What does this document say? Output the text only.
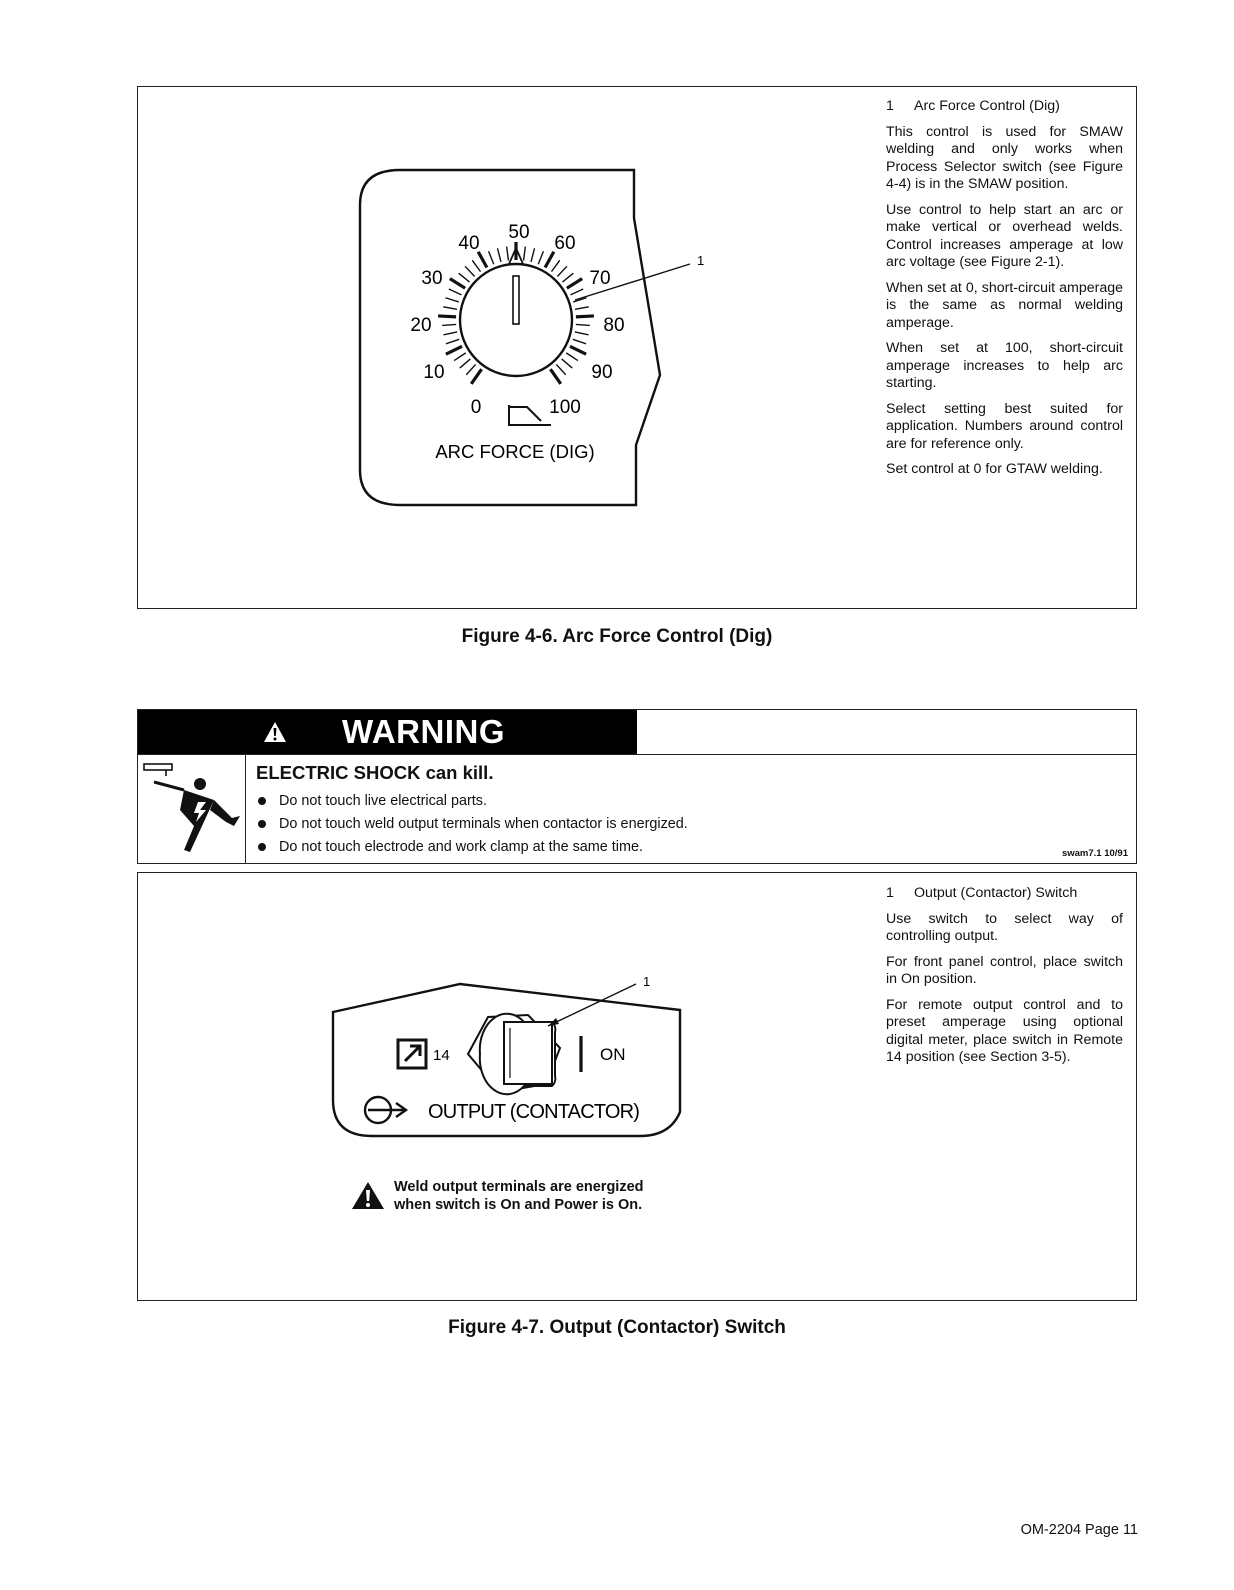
0
10
20
30
40
50
60
70
80
90
100
ARC FORCE (DIG)
1
1 Arc Force Control (Dig)

This control is used for SMAW welding and only works when Process Selector switch (see Figure 4-4) is in the SMAW position.

Use control to help start an arc or make vertical or overhead welds. Control increases amperage at low arc voltage (see Figure 2-1).

When set at 0, short-circuit amperage is the same as normal welding amperage.

When set at 100, short-circuit amperage increases to help arc starting.

Select setting best suited for application. Numbers around control are for reference only.

Set control at 0 for GTAW welding.

Figure 4-6. Arc Force Control (Dig)
WARNING
ELECTRIC SHOCK can kill.
Do not touch live electrical parts.
Do not touch weld output terminals when contactor is energized.
Do not touch electrode and work clamp at the same time.	swam7.1 10/91
14	ON
OUTPUT (CONTACTOR)
1
Weld output terminals are energized when switch is On and Power is On.
1 Output (Contactor) Switch

Use switch to select way of controlling output.

For front panel control, place switch in On position.

For remote output control and to preset amperage using optional digital meter, place switch in Remote 14 position (see Section 3-5).

Figure 4-7. Output (Contactor) Switch
OM-2204 Page 11
